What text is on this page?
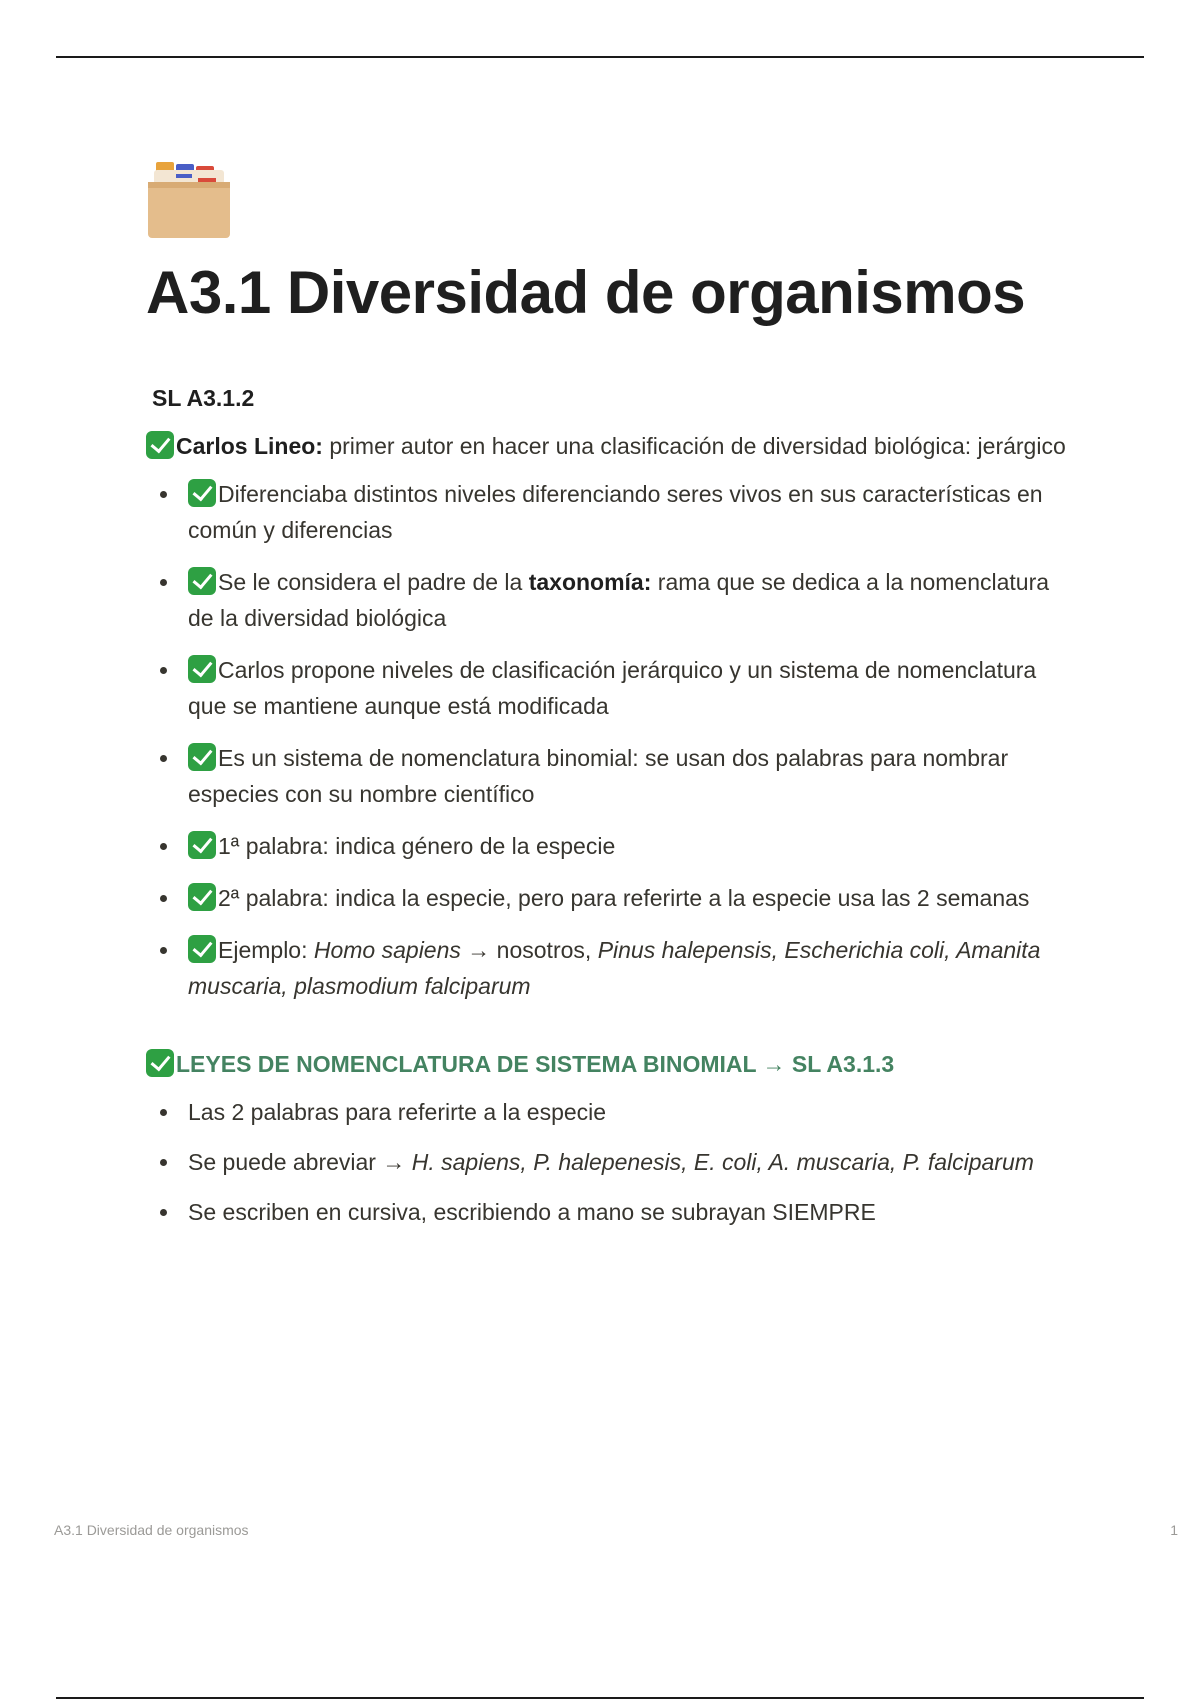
A3.1 Diversidad de organismos
SL A3.1.2
Carlos Lineo: primer autor en hacer una clasificación de diversidad biológica: jerárgico
Diferenciaba distintos niveles diferenciando seres vivos en sus características en común y diferencias
Se le considera el padre de la taxonomía: rama que se dedica a la nomenclatura de la diversidad biológica
Carlos propone niveles de clasificación jerárquico y un sistema de nomenclatura que se mantiene aunque está modificada
Es un sistema de nomenclatura binomial: se usan dos palabras para nombrar especies con su nombre científico
1ª palabra: indica género de la especie
2ª palabra: indica la especie, pero para referirte a la especie usa las 2 semanas
Ejemplo: Homo sapiens → nosotros, Pinus halepensis, Escherichia coli, Amanita muscaria, plasmodium falciparum
LEYES DE NOMENCLATURA DE SISTEMA BINOMIAL → SL A3.1.3
Las 2 palabras para referirte a la especie
Se puede abreviar → H. sapiens, P. halepenesis, E. coli, A. muscaria, P. falciparum
Se escriben en cursiva, escribiendo a mano se subrayan SIEMPRE
A3.1 Diversidad de organismos	1
